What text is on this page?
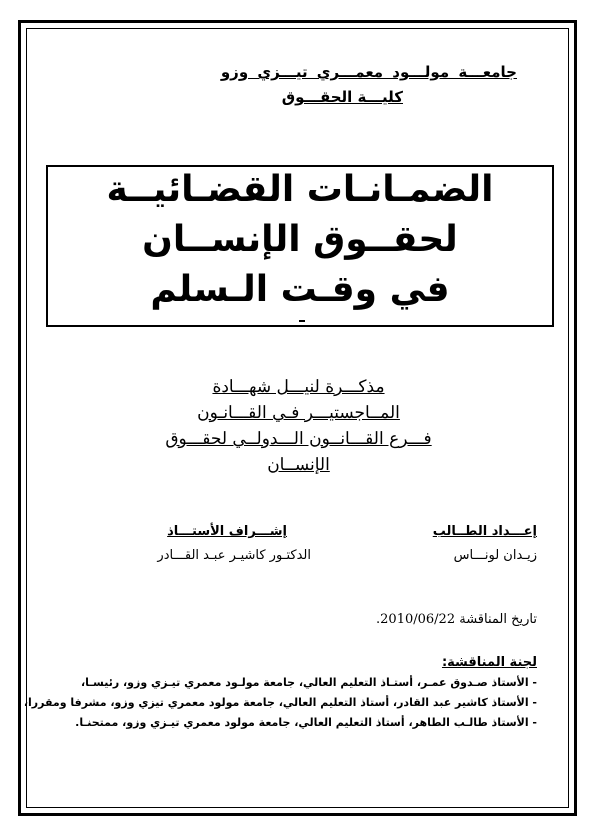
جامعـــة مولـــود معمـــري تيـــزي وزو
كليـــة الحقـــوق
الضمـانـات القضـائيــة
لحقــوق الإنســان
في وقـت الـسلم
مذكـــرة لنيـــل شهـــادة
المــاجستيـــر فـي القـــانـون
فـــرع القـــانــون الـــدولــي لحقـــوق
الإنســان
إعـــداد الطــالب
إشـــراف الأستـــاذ
زيـدان لونـــاس
الدكتـور كاشيـر عبـد القـــادر
تاريخ المناقشة 2010/06/22.
لجنة المناقشة:
- الأستاذ صـدوق عمـر، أستـاذ التعليم العالي، جامعة مولـود معمري تيـزي وزو، رئيسـا،
- الأستاذ كاشير عبد القادر، أستاذ التعليم العالي، جامعة مولود معمري تيزي وزو، مشرفا ومقررا،
- الأستاذ طالـب الطاهر، أستاذ التعليم العالي، جامعة مولود معمري تيـزي وزو، ممتحنـا.
